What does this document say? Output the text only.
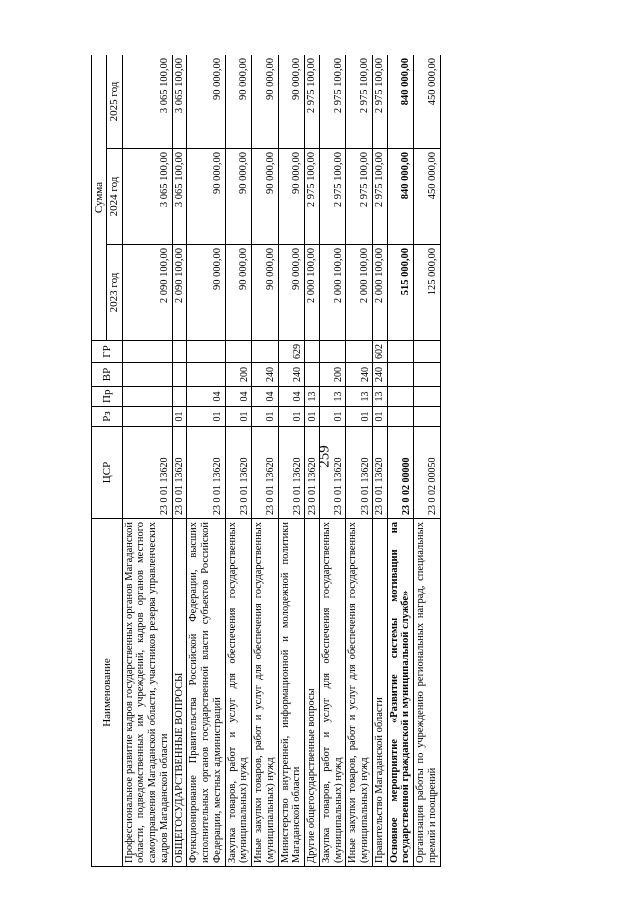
259
Наименование	ЦСР	Рз	Пр	ВР	ГР	Сумма		
						2023 год	2024 год	2025 год
Профессиональное развитие кадров государственных органов Магаданской области, подведомственных им учреждений, кадров органов местного самоуправления Магаданской области, участников резерва управленческих кадров Магаданской области	23 0 01 13620					2 090 100,00	3 065 100,00	3 065 100,00
ОБЩЕГОСУДАРСТВЕННЫЕ ВОПРОСЫ	23 0 01 13620	01				2 090 100,00	3 065 100,00	3 065 100,00
Функционирование Правительства Российской Федерации, высших исполнительных органов государственной власти субъектов Российской Федерации, местных администраций	23 0 01 13620	01	04			90 000,00	90 000,00	90 000,00
Закупка товаров, работ и услуг для обеспечения государственных (муниципальных) нужд	23 0 01 13620	01	04	200		90 000,00	90 000,00	90 000,00
Иные закупки товаров, работ и услуг для обеспечения государственных (муниципальных) нужд	23 0 01 13620	01	04	240		90 000,00	90 000,00	90 000,00
Министерство внутренней, информационной и молодежной политики Магаданской области	23 0 01 13620	01	04	240	629	90 000,00	90 000,00	90 000,00
Другие общегосударственные вопросы	23 0 01 13620	01	13			2 000 100,00	2 975 100,00	2 975 100,00
Закупка товаров, работ и услуг для обеспечения государственных (муниципальных) нужд	23 0 01 13620	01	13	200		2 000 100,00	2 975 100,00	2 975 100,00
Иные закупки товаров, работ и услуг для обеспечения государственных (муниципальных) нужд	23 0 01 13620	01	13	240		2 000 100,00	2 975 100,00	2 975 100,00
Правительство Магаданской области	23 0 01 13620	01	13	240	602	2 000 100,00	2 975 100,00	2 975 100,00
Основное мероприятие «Развитие системы мотивации на государственной гражданской и муниципальной службе»	23 0 02 00000					515 000,00	840 000,00	840 000,00
Организация работы по учреждению региональных наград, специальных премий и поощрений	23 0 02 00050					125 000,00	450 000,00	450 000,00
